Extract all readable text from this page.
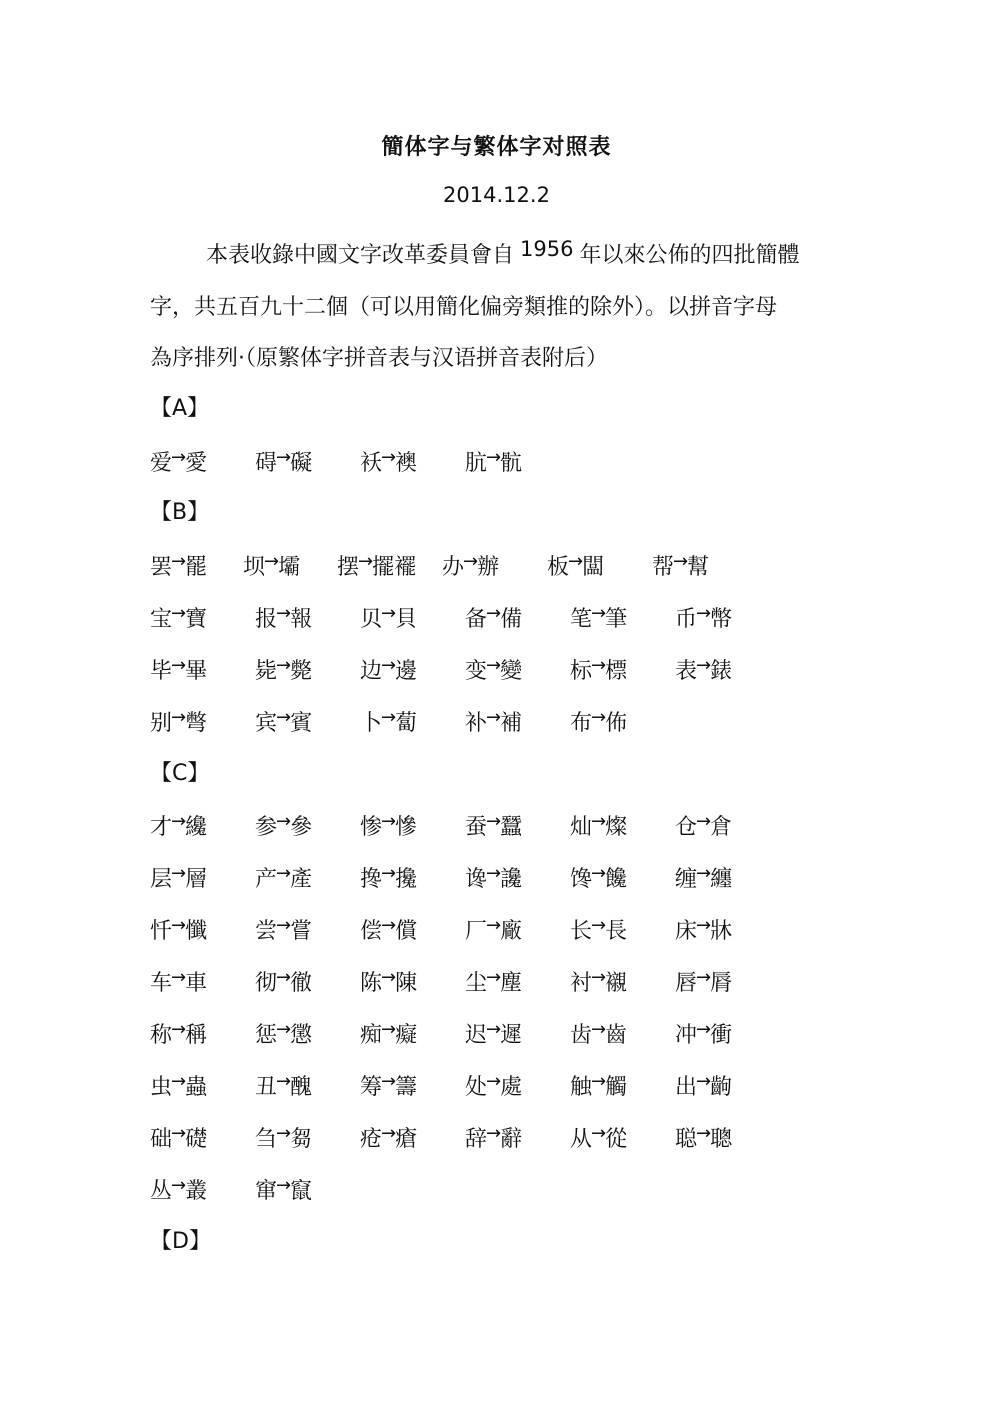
簡体字与繁体字对照表
2014.12.2
本表收錄中國文字改革委員會自 1956 年以來公佈的四批簡體
字，共五百九十二個（可以用簡化偏旁類推的除外）。以拼音字母
為序排列·（原繁体字拼音表与汉语拼音表附后）
【A】
爱→愛 碍→礙 袄→襖 肮→骯
【B】
罢→罷 坝→壩 摆→擺襬 办→辦 板→闆 帮→幫
宝→寶 报→報 贝→貝 备→備 笔→筆 币→幣
毕→畢 毙→斃 边→邊 变→變 标→標 表→錶
别→彆 宾→賓 卜→蔔 补→補 布→佈
【C】
才→纔 参→參 惨→慘 蚕→蠶 灿→燦 仓→倉
层→層 产→產 搀→攙 谗→讒 馋→饞 缠→纏
忏→懺 尝→嘗 偿→償 厂→廠 长→長 床→牀
车→車 彻→徹 陈→陳 尘→塵 衬→襯 唇→脣
称→稱 惩→懲 痴→癡 迟→遲 齿→齒 冲→衝
虫→蟲 丑→醜 筹→籌 处→處 触→觸 出→齣
础→礎 刍→芻 疮→瘡 辞→辭 从→從 聪→聰
丛→叢 窜→竄
【D】
